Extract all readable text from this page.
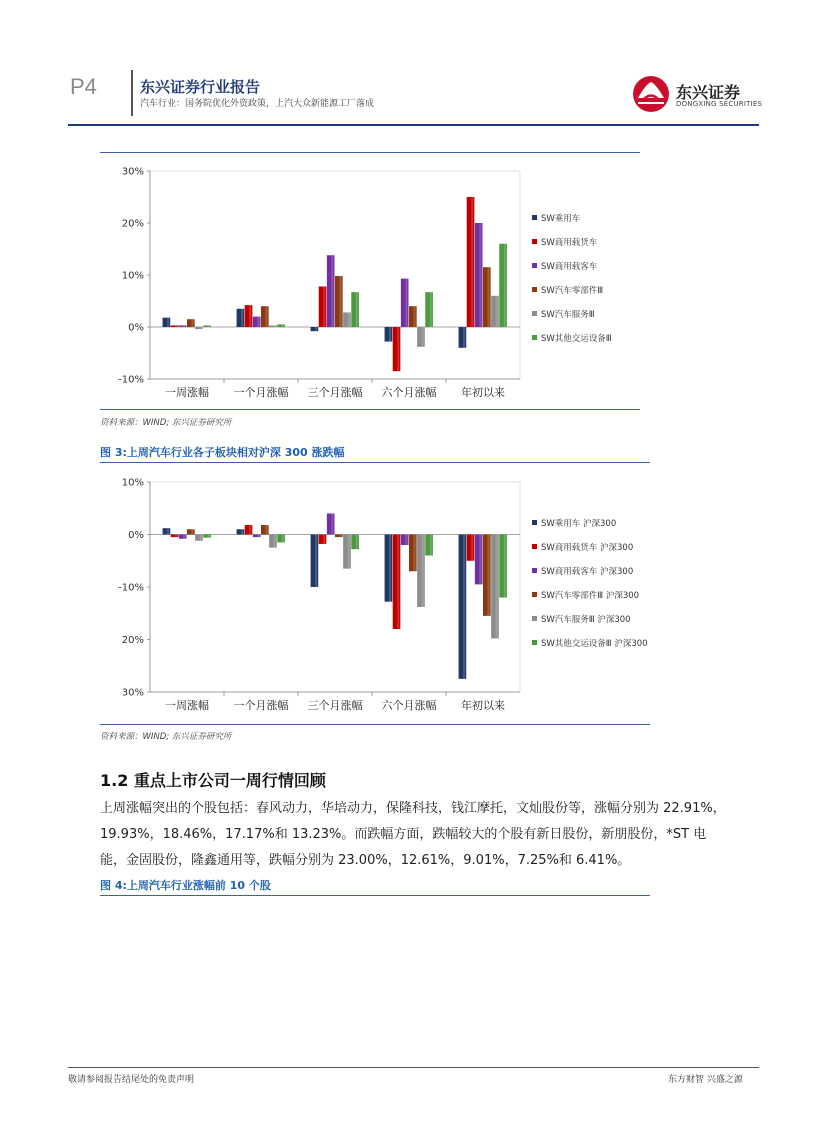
P4	东兴证券行业报告
汽车行业：国务院优化外资政策，上汽大众新能源工厂落成
东兴证券
DONGXING SECURITIES
-10%
0%
10%
20%
30%
一周涨幅 一个月涨幅 三个月涨幅 六个月涨幅 年初以来
SW乘用车
SW商用载货车
SW商用载客车
SW汽车零部件Ⅲ
SW汽车服务Ⅲ
SW其他交运设备Ⅲ
资料来源：WIND; 东兴证券研究所
图 3:上周汽车行业各子板块相对沪深 300 涨跌幅
10%
0%
-10%
20%
30%
一周涨幅 一个月涨幅 三个月涨幅 六个月涨幅 年初以来
SW乘用车 沪深300
SW商用载货车 沪深300
SW商用载客车 沪深300
SW汽车零部件Ⅲ 沪深300
SW汽车服务Ⅲ 沪深300
SW其他交运设备Ⅲ 沪深300
资料来源：WIND; 东兴证券研究所
1.2 重点上市公司一周行情回顾
上周涨幅突出的个股包括：春风动力，华培动力，保隆科技，钱江摩托，文灿股份等，涨幅分别为 22.91%，
19.93%，18.46%，17.17%和 13.23%。而跌幅方面，跌幅较大的个股有新日股份，新朋股份，*ST 电
能，金固股份，隆鑫通用等，跌幅分别为 23.00%，12.61%，9.01%，7.25%和 6.41%。
图 4:上周汽车行业涨幅前 10 个股
敬请参阅报告结尾处的免责声明	东方财智 兴盛之源
